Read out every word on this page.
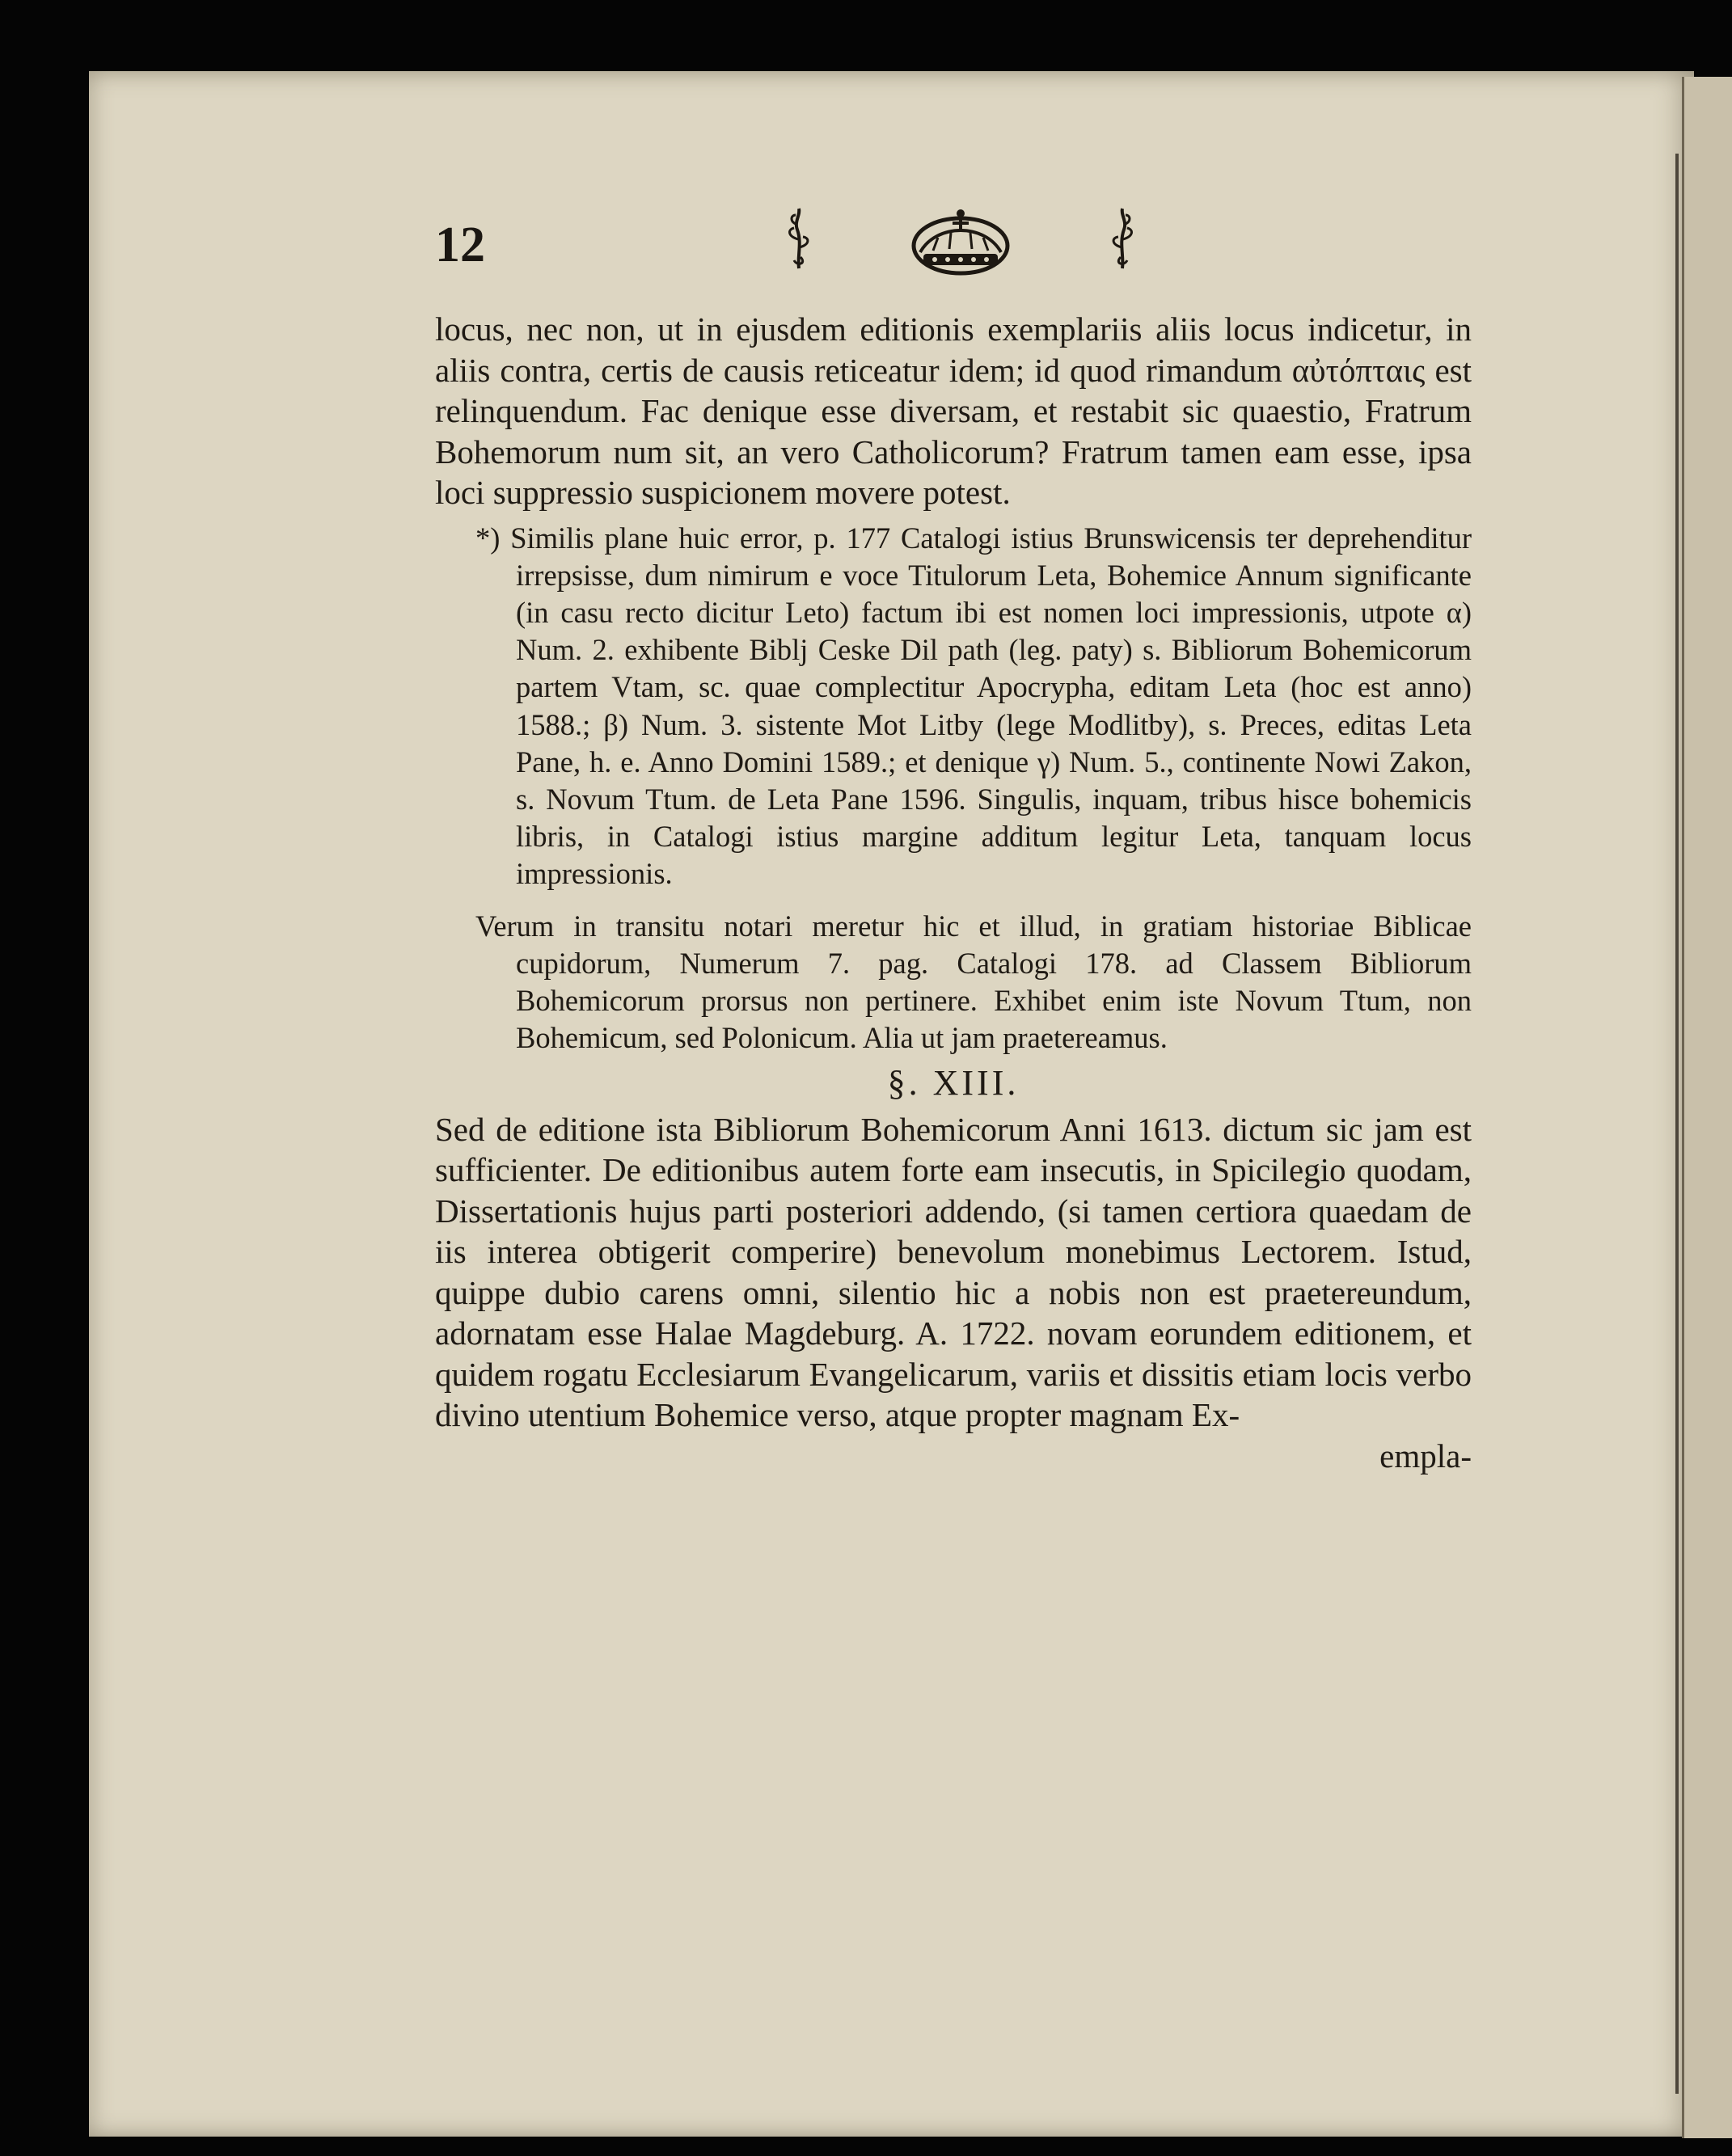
12

locus, nec non, ut in ejusdem editionis exemplariis aliis locus indicetur, in aliis contra, certis de causis reticeatur idem; id quod rimandum αὐτόπταις est relinquendum. Fac denique esse diversam, et restabit sic quaestio, Fratrum Bohemorum num sit, an vero Catholicorum? Fratrum tamen eam esse, ipsa loci suppressio suspicionem movere potest.

*) Similis plane huic error, p. 177 Catalogi istius Brunswicensis ter deprehenditur irrepsisse, dum nimirum e voce Titulorum Leta, Bohemice Annum significante (in casu recto dicitur Leto) factum ibi est nomen loci impressionis, utpote α) Num. 2. exhibente Biblj Ceske Dil path (leg. paty) s. Bibliorum Bohemicorum partem Vtam, sc. quae complectitur Apocrypha, editam Leta (hoc est anno) 1588.; β) Num. 3. sistente Mot Litby (lege Modlitby), s. Preces, editas Leta Pane, h. e. Anno Domini 1589.; et denique γ) Num. 5., continente Nowi Zakon, s. Novum Ttum. de Leta Pane 1596. Singulis, inquam, tribus hisce bohemicis libris, in Catalogi istius margine additum legitur Leta, tanquam locus impressionis.

Verum in transitu notari meretur hic et illud, in gratiam historiae Biblicae cupidorum, Numerum 7. pag. Catalogi 178. ad Classem Bibliorum Bohemicorum prorsus non pertinere. Exhibet enim iste Novum Ttum, non Bohemicum, sed Polonicum. Alia ut jam praetereamus.

§. XIII.

Sed de editione ista Bibliorum Bohemicorum Anni 1613. dictum sic jam est sufficienter. De editionibus autem forte eam insecutis, in Spicilegio quodam, Dissertationis hujus parti posteriori addendo, (si tamen certiora quaedam de iis interea obtigerit comperire) benevolum monebimus Lectorem. Istud, quippe dubio carens omni, silentio hic a nobis non est praetereundum, adornatam esse Halae Magdeburg. A. 1722. novam eorundem editionem, et quidem rogatu Ecclesiarum Evangelicarum, variis et dissitis etiam locis verbo divino utentium Bohemice verso, atque propter magnam Ex-

empla-
